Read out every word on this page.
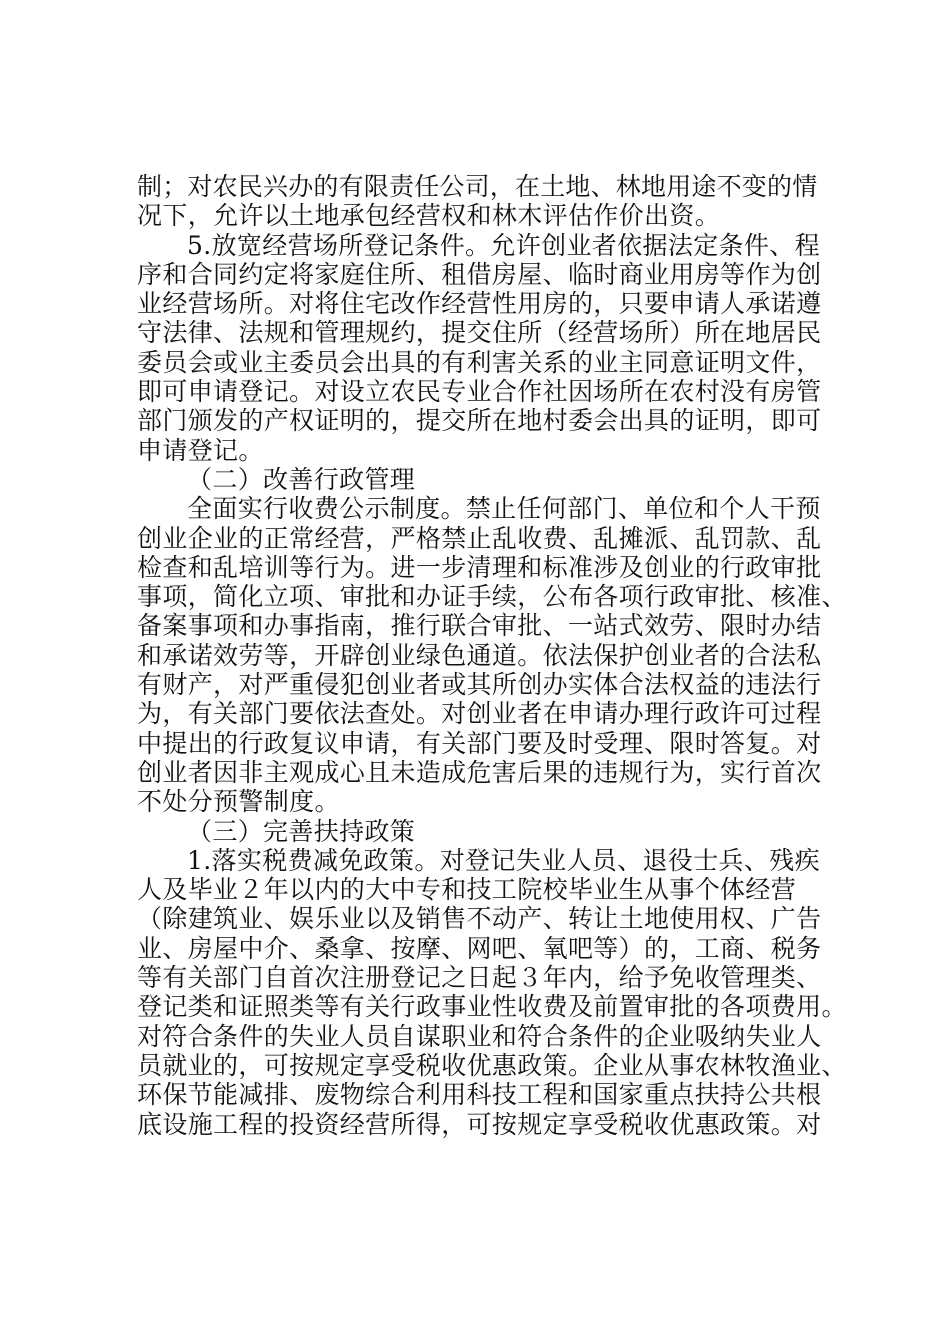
制；对农民兴办的有限责任公司，在土地、林地用途不变的情
况下，允许以土地承包经营权和林木评估作价出资。
5.放宽经营场所登记条件。允许创业者依据法定条件、程
序和合同约定将家庭住所、租借房屋、临时商业用房等作为创
业经营场所。对将住宅改作经营性用房的，只要申请人承诺遵
守法律、法规和管理规约，提交住所（经营场所）所在地居民
委员会或业主委员会出具的有利害关系的业主同意证明文件，
即可申请登记。对设立农民专业合作社因场所在农村没有房管
部门颁发的产权证明的，提交所在地村委会出具的证明，即可
申请登记。
（二）改善行政管理
全面实行收费公示制度。禁止任何部门、单位和个人干预
创业企业的正常经营，严格禁止乱收费、乱摊派、乱罚款、乱
检查和乱培训等行为。进一步清理和标准涉及创业的行政审批
事项，简化立项、审批和办证手续，公布各项行政审批、核准、
备案事项和办事指南，推行联合审批、一站式效劳、限时办结
和承诺效劳等，开辟创业绿色通道。依法保护创业者的合法私
有财产，对严重侵犯创业者或其所创办实体合法权益的违法行
为，有关部门要依法查处。对创业者在申请办理行政许可过程
中提出的行政复议申请，有关部门要及时受理、限时答复。对
创业者因非主观成心且未造成危害后果的违规行为，实行首次
不处分预警制度。
（三）完善扶持政策
1.落实税费减免政策。对登记失业人员、退役士兵、残疾
人及毕业２年以内的大中专和技工院校毕业生从事个体经营
（除建筑业、娱乐业以及销售不动产、转让土地使用权、广告
业、房屋中介、桑拿、按摩、网吧、氧吧等）的，工商、税务
等有关部门自首次注册登记之日起３年内，给予免收管理类、
登记类和证照类等有关行政事业性收费及前置审批的各项费用。
对符合条件的失业人员自谋职业和符合条件的企业吸纳失业人
员就业的，可按规定享受税收优惠政策。企业从事农林牧渔业、
环保节能减排、废物综合利用科技工程和国家重点扶持公共根
底设施工程的投资经营所得，可按规定享受税收优惠政策。对
